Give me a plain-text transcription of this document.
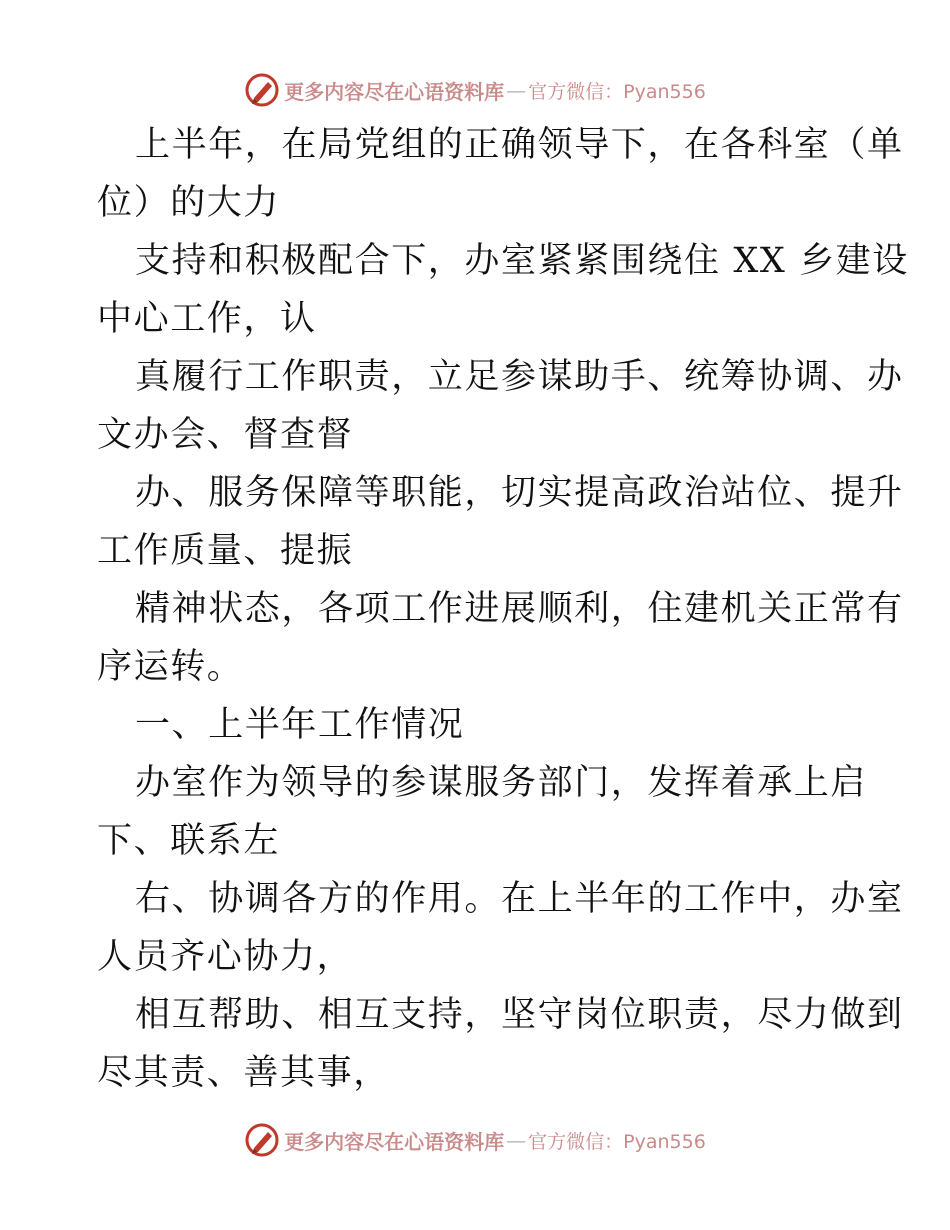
更多内容尽在心语资料库 — 官方微信：Pyan556

上半年，在局党组的正确领导下，在各科室（单
位）的大力

支持和积极配合下，办室紧紧围绕住 XX 乡建设
中心工作，认

真履行工作职责，立足参谋助手、统筹协调、办
文办会、督查督

办、服务保障等职能，切实提高政治站位、提升
工作质量、提振

精神状态，各项工作进展顺利，住建机关正常有
序运转。

一、上半年工作情况

办室作为领导的参谋服务部门，发挥着承上启
下、联系左

右、协调各方的作用。在上半年的工作中，办室
人员齐心协力，

相互帮助、相互支持，坚守岗位职责，尽力做到
尽其责、善其事，

更多内容尽在心语资料库 — 官方微信：Pyan556
